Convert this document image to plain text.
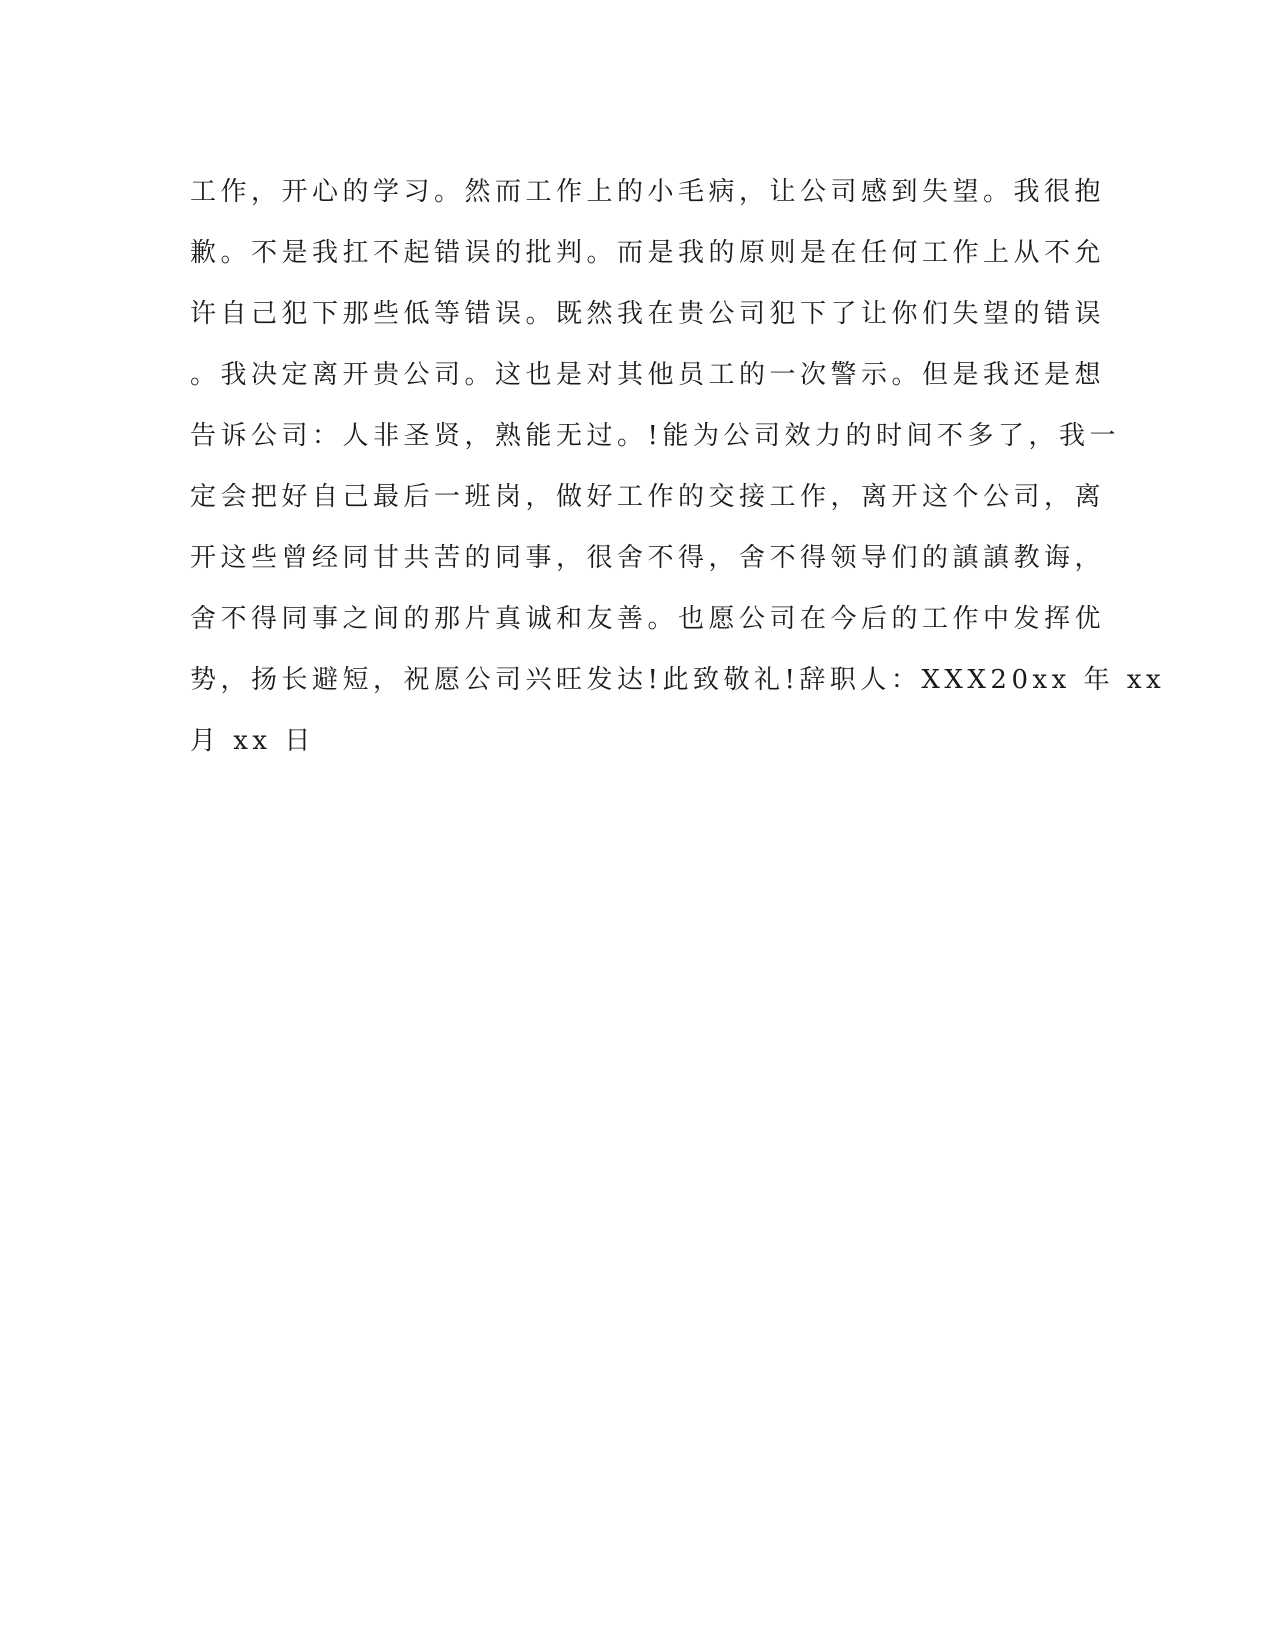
工作，开心的学习。然而工作上的小毛病，让公司感到失望。我很抱
歉。不是我扛不起错误的批判。而是我的原则是在任何工作上从不允
许自己犯下那些低等错误。既然我在贵公司犯下了让你们失望的错误
。我决定离开贵公司。这也是对其他员工的一次警示。但是我还是想
告诉公司：人非圣贤，熟能无过。!能为公司效力的时间不多了，我一
定会把好自己最后一班岗，做好工作的交接工作，离开这个公司，离
开这些曾经同甘共苦的同事，很舍不得，舍不得领导们的謓謓教诲，
舍不得同事之间的那片真诚和友善。也愿公司在今后的工作中发挥优
势，扬长避短，祝愿公司兴旺发达!此致敬礼!辞职人：XXX20xx 年 xx
月 xx 日
